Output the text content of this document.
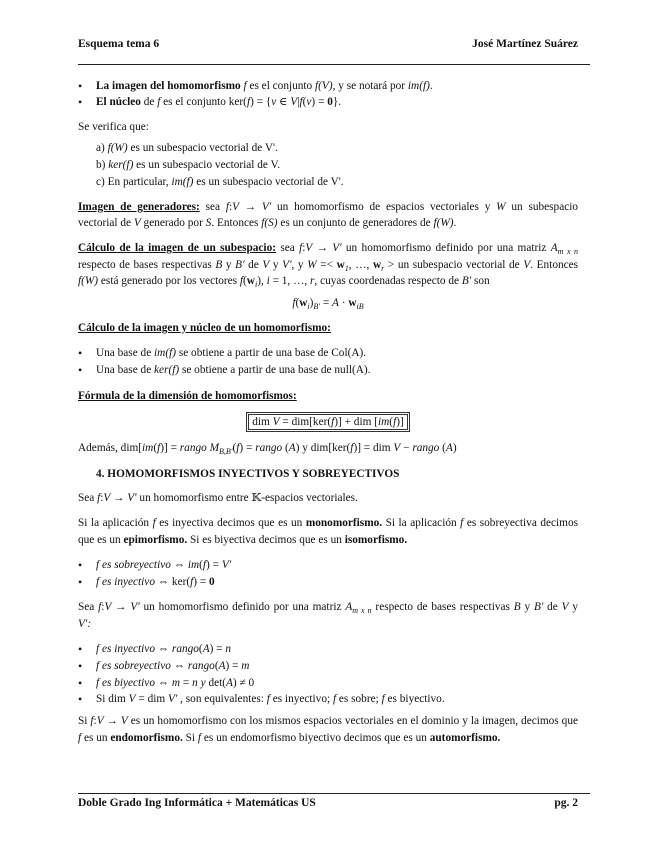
Esquema tema 6	José Martínez Suárez
• La imagen del homomorfismo f es el conjunto f(V), y se notará por im(f).
• El núcleo de f es el conjunto ker(f) = {v ∈ V|f(v) = 0}.
Se verifica que:
a) f(W) es un subespacio vectorial de V'.
b) ker(f) es un subespacio vectorial de V.
c) En particular, im(f) es un subespacio vectorial de V'.
Imagen de generadores: sea f:V → V' un homomorfismo de espacios vectoriales y W un subespacio
vectorial de V generado por S. Entonces f(S) es un conjunto de generadores de f(W).
Cálculo de la imagen de un subespacio: sea f:V → V' un homomorfismo definido por una matriz $A_{m x n}$
respecto de bases respectivas B y B' de V y V', y $W =< w_1$, …, $w_r$ > un subespacio vectorial de V. Entonces
f(W) está generado por los vectores $f(w_i)$, i = 1, …, r, cuyas coordenadas respecto de B' son
$f(w_i)_{B'} = A \cdot w_{iB}$
Cálculo de la imagen y núcleo de un homomorfismo:
• Una base de im(f) se obtiene a partir de una base de Col(A).
• Una base de ker(f) se obtiene a partir de una base de null(A).
Fórmula de la dimensión de homomorfismos:
dim V = dim[ker(f)] + dim [im(f)]
Además, dim[im(f)] = rango $M_{B,B'}(f)$ = rango (A) y dim[ker(f)] = dim V − rango (A)
4. HOMOMORFISMOS INYECTIVOS Y SOBREYECTIVOS
Sea f:V → V' un homomorfismo entre 𝕂-espacios vectoriales.
Si la aplicación f es inyectiva decimos que es un monomorfismo. Si la aplicación f es sobreyectiva decimos
que es un epimorfismo. Si es biyectiva decimos que es un isomorfismo.
• f es sobreyectivo ⇔ im(f) = V'
• f es inyectivo ⇔ ker(f) = 0
Sea f:V → V' un homomorfismo definido por una matriz $A_{m x n}$ respecto de bases respectivas B y B' de V y
V':
• f es inyectivo ⇔ rango(A) = n
• f es sobreyectivo ⇔ rango(A) = m
• f es biyectivo ⇔ m = n y det(A) ≠ 0
• Si dim V = dim V' , son equivalentes: f es inyectivo; f es sobre; f es biyectivo.
Si f:V → V es un homomorfismo con los mismos espacios vectoriales en el dominio y la imagen, decimos que
f es un endomorfismo. Si f es un endomorfismo biyectivo decimos que es un automorfismo.
Doble Grado Ing Informática + Matemáticas US	pg. 2
